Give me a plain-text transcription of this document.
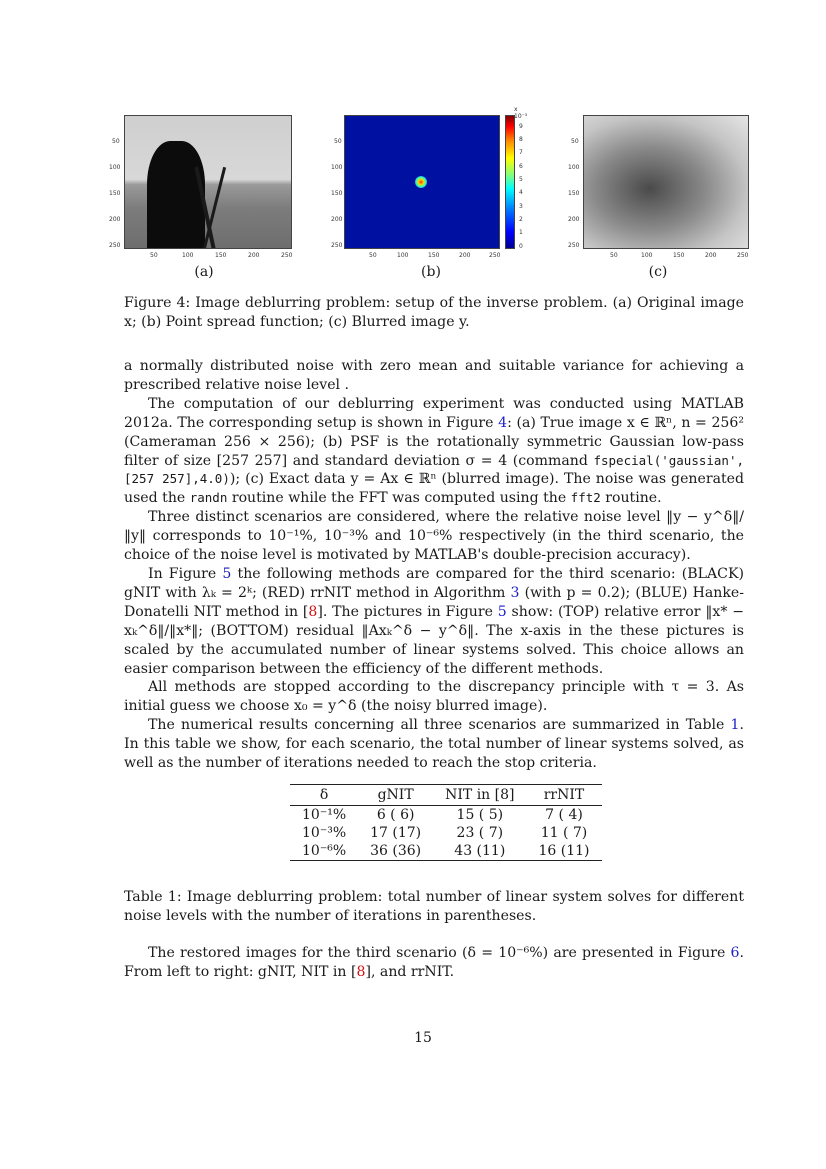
50
100
150
200
250
50	100	150	200	250
(a)
x 10⁻³
9
8
7
6
5
4
3
2
1
0
50
100
150
200
250
50	100	150	200	250
(b)
50
100
150
200
250
50	100	150	200	250
(c)
Figure 4: Image deblurring problem: setup of the inverse problem. (a) Original image x; (b) Point spread function; (c) Blurred image y.

a normally distributed noise with zero mean and suitable variance for achieving a prescribed relative noise level .

The computation of our deblurring experiment was conducted using MATLAB 2012a. The corresponding setup is shown in Figure 4: (a) True image x ∈ ℝⁿ, n = 256² (Cameraman 256 × 256); (b) PSF is the rotationally symmetric Gaussian low-pass filter of size [257 257] and standard deviation σ = 4 (command fspecial('gaussian',[257 257],4.0)); (c) Exact data y = Ax ∈ ℝⁿ (blurred image). The noise was generated used the randn routine while the FFT was computed using the fft2 routine.

Three distinct scenarios are considered, where the relative noise level ‖y − y^δ‖/‖y‖ corresponds to 10⁻¹%, 10⁻³% and 10⁻⁶% respectively (in the third scenario, the choice of the noise level is motivated by MATLAB's double-precision accuracy).

In Figure 5 the following methods are compared for the third scenario: (BLACK) gNIT with λₖ = 2ᵏ; (RED) rrNIT method in Algorithm 3 (with p = 0.2); (BLUE) Hanke-Donatelli NIT method in [8]. The pictures in Figure 5 show: (TOP) relative error ‖x* − xₖ^δ‖/‖x*‖; (BOTTOM) residual ‖Axₖ^δ − y^δ‖. The x-axis in the these pictures is scaled by the accumulated number of linear systems solved. This choice allows an easier comparison between the efficiency of the different methods.

All methods are stopped according to the discrepancy principle with τ = 3. As initial guess we choose x₀ = y^δ (the noisy blurred image).

The numerical results concerning all three scenarios are summarized in Table 1. In this table we show, for each scenario, the total number of linear systems solved, as well as the number of iterations needed to reach the stop criteria.

δ	gNIT	NIT in [8]	rrNIT
10⁻¹%	6 ( 6)	15 ( 5)	7 ( 4)
10⁻³%	17 (17)	23 ( 7)	11 ( 7)
10⁻⁶%	36 (36)	43 (11)	16 (11)
Table 1: Image deblurring problem: total number of linear system solves for different noise levels with the number of iterations in parentheses.

The restored images for the third scenario (δ = 10⁻⁶%) are presented in Figure 6. From left to right: gNIT, NIT in [8], and rrNIT.

15
